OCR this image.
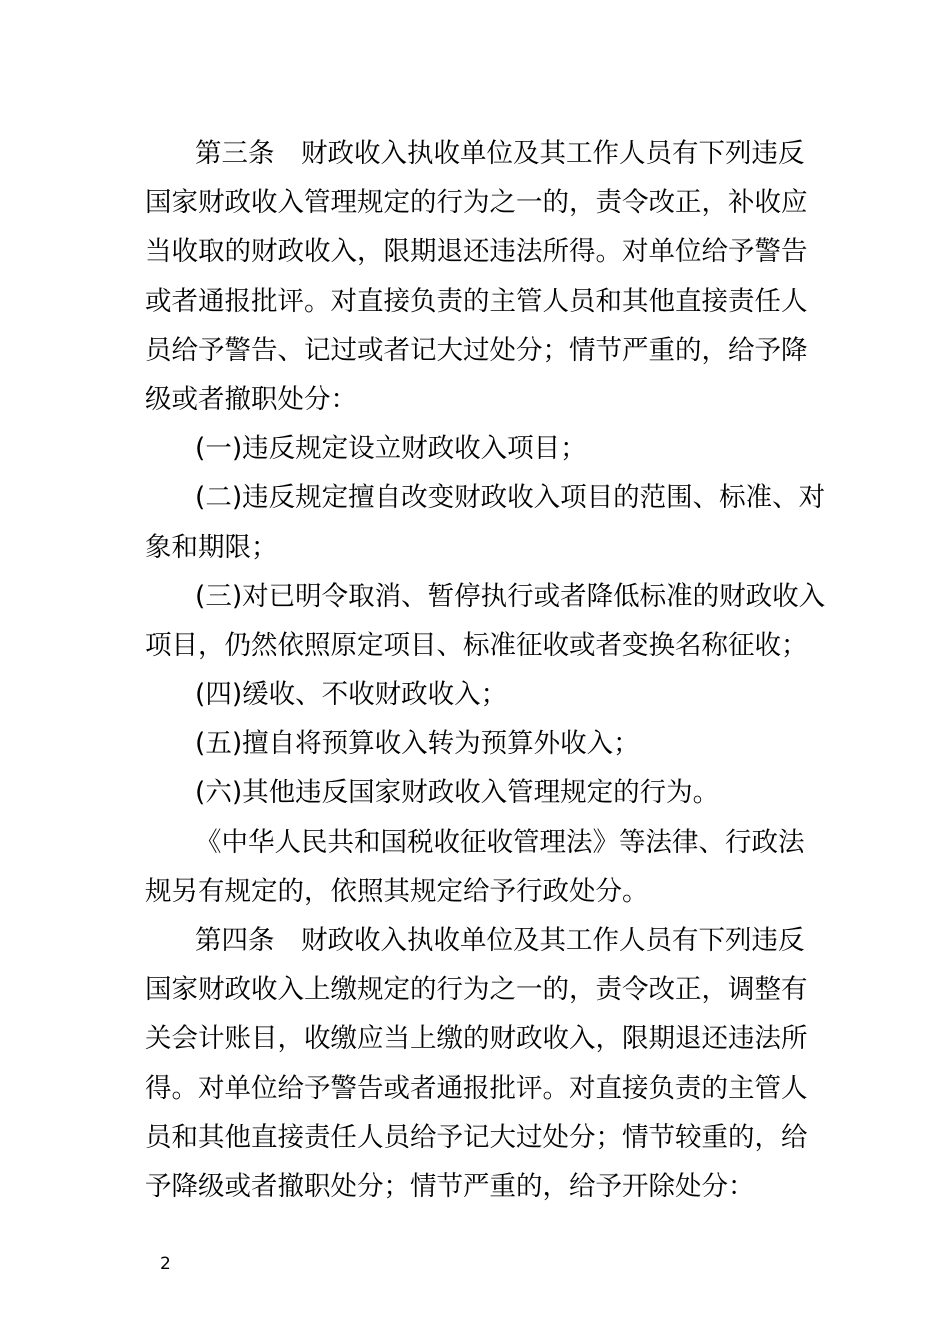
第三条　财政收入执收单位及其工作人员有下列违反
国家财政收入管理规定的行为之一的，责令改正，补收应
当收取的财政收入，限期退还违法所得。对单位给予警告
或者通报批评。对直接负责的主管人员和其他直接责任人
员给予警告、记过或者记大过处分；情节严重的，给予降
级或者撤职处分：
(一)违反规定设立财政收入项目；
(二)违反规定擅自改变财政收入项目的范围、标准、对
象和期限；
(三)对已明令取消、暂停执行或者降低标准的财政收入
项目，仍然依照原定项目、标准征收或者变换名称征收；
(四)缓收、不收财政收入；
(五)擅自将预算收入转为预算外收入；
(六)其他违反国家财政收入管理规定的行为。
《中华人民共和国税收征收管理法》等法律、行政法
规另有规定的，依照其规定给予行政处分。
第四条　财政收入执收单位及其工作人员有下列违反
国家财政收入上缴规定的行为之一的，责令改正，调整有
关会计账目，收缴应当上缴的财政收入，限期退还违法所
得。对单位给予警告或者通报批评。对直接负责的主管人
员和其他直接责任人员给予记大过处分；情节较重的，给
予降级或者撤职处分；情节严重的，给予开除处分：
2
